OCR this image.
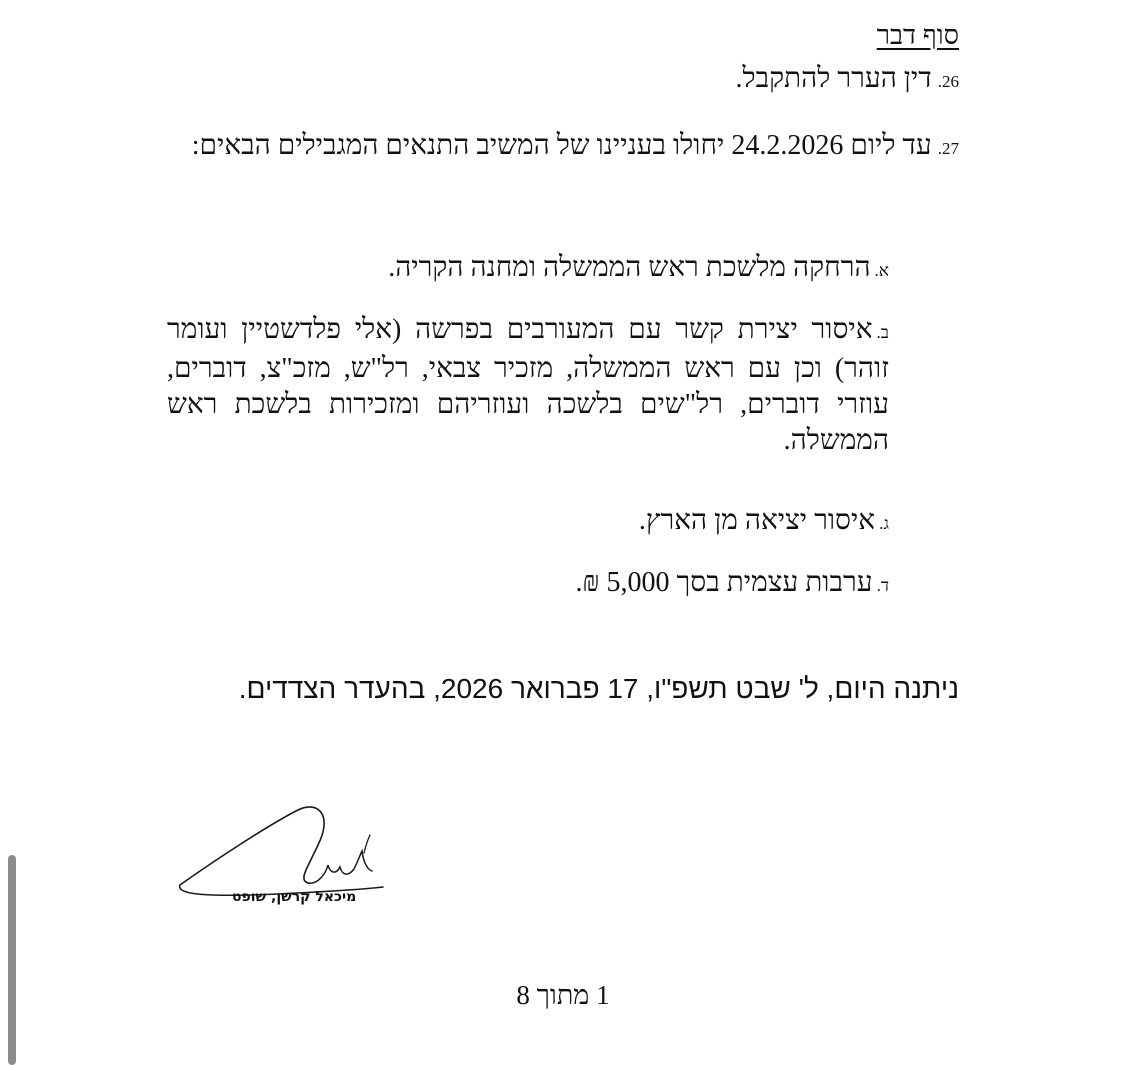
סוף דבר
26.דין הערר להתקבל.
27.עד ליום 24.2.2026 יחולו בעניינו של המשיב התנאים המגבילים הבאים:
א.הרחקה מלשכת ראש הממשלה ומחנה הקריה.
ב.איסור יצירת קשר עם המעורבים בפרשה (אלי פלדשטיין ועומר זוהר) וכן עם ראש הממשלה, מזכיר צבאי, רל"ש, מזכ"צ, דוברים, עוזרי דוברים, רל"שים בלשכה ועוזריהם ומזכירות בלשכת ראש הממשלה.
ג.איסור יציאה מן הארץ.
ד.ערבות עצמית בסך 5,000 ₪.
ניתנה היום, ל' שבט תשפ"ו, 17 פברואר 2026, בהעדר הצדדים.
מיכאל קרשן, שופט
1 מתוך 8
